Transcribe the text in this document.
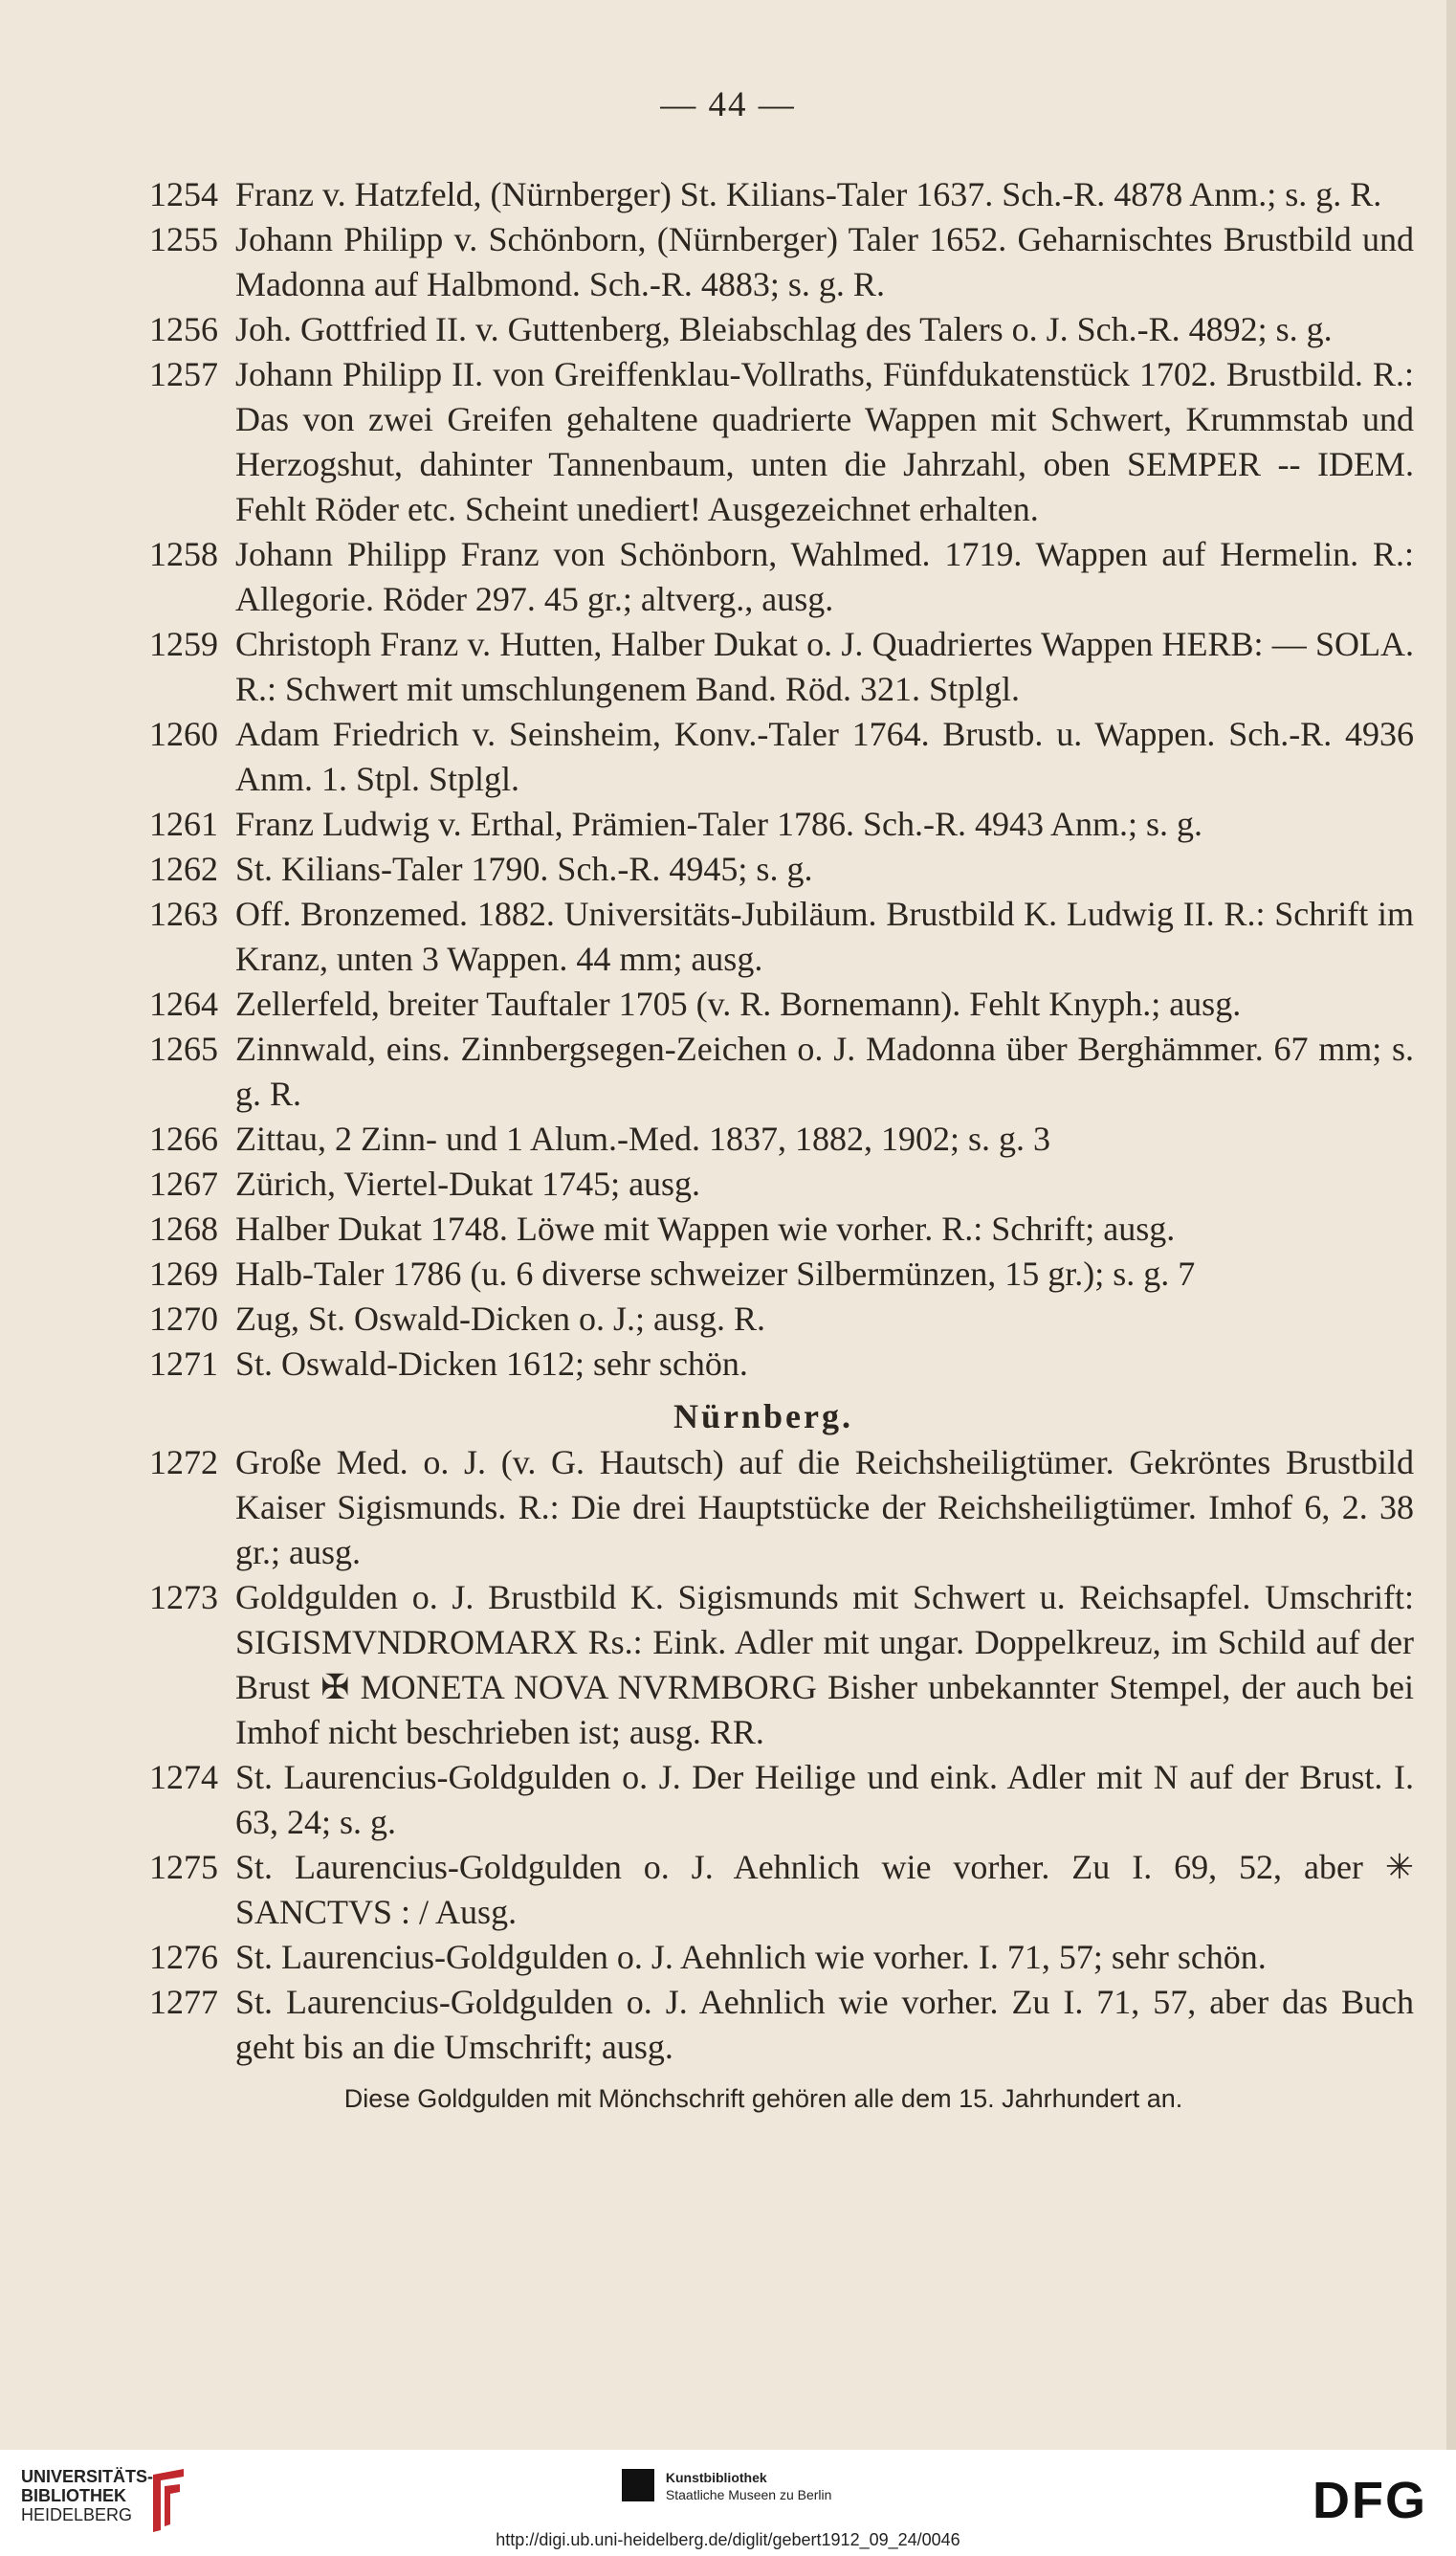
— 44 —
1254 Franz v. Hatzfeld, (Nürnberger) St. Kilians-Taler 1637. Sch.-R. 4878 Anm.; s. g. R.
1255 Johann Philipp v. Schönborn, (Nürnberger) Taler 1652. Geharnischtes Brustbild und Madonna auf Halbmond. Sch.-R. 4883; s. g. R.
1256 Joh. Gottfried II. v. Guttenberg, Bleiabschlag des Talers o. J. Sch.-R. 4892; s. g.
1257 Johann Philipp II. von Greiffenklau-Vollraths, Fünfdukatenstück 1702. Brustbild. R.: Das von zwei Greifen gehaltene quadrierte Wappen mit Schwert, Krummstab und Herzogshut, dahinter Tannenbaum, unten die Jahrzahl, oben SEMPER -- IDEM. Fehlt Röder etc. Scheint unediert! Ausgezeichnet erhalten.
1258 Johann Philipp Franz von Schönborn, Wahlmed. 1719. Wappen auf Hermelin. R.: Allegorie. Röder 297. 45 gr.; altverg., ausg.
1259 Christoph Franz v. Hutten, Halber Dukat o. J. Quadriertes Wappen HERB: — SOLA. R.: Schwert mit umschlungenem Band. Röd. 321. Stplgl.
1260 Adam Friedrich v. Seinsheim, Konv.-Taler 1764. Brustb. u. Wappen. Sch.-R. 4936 Anm. 1. Stpl. Stplgl.
1261 Franz Ludwig v. Erthal, Prämien-Taler 1786. Sch.-R. 4943 Anm.; s. g.
1262 St. Kilians-Taler 1790. Sch.-R. 4945; s. g.
1263 Off. Bronzemed. 1882. Universitäts-Jubiläum. Brustbild K. Ludwig II. R.: Schrift im Kranz, unten 3 Wappen. 44 mm; ausg.
1264 Zellerfeld, breiter Tauftaler 1705 (v. R. Bornemann). Fehlt Knyph.; ausg.
1265 Zinnwald, eins. Zinnbergsegen-Zeichen o. J. Madonna über Berghämmer. 67 mm; s. g. R.
1266 Zittau, 2 Zinn- und 1 Alum.-Med. 1837, 1882, 1902; s. g. 3
1267 Zürich, Viertel-Dukat 1745; ausg.
1268 Halber Dukat 1748. Löwe mit Wappen wie vorher. R.: Schrift; ausg.
1269 Halb-Taler 1786 (u. 6 diverse schweizer Silbermünzen, 15 gr.); s. g. 7
1270 Zug, St. Oswald-Dicken o. J.; ausg. R.
1271 St. Oswald-Dicken 1612; sehr schön.
Nürnberg.
1272 Große Med. o. J. (v. G. Hautsch) auf die Reichsheiligtümer. Gekröntes Brustbild Kaiser Sigismunds. R.: Die drei Hauptstücke der Reichsheiligtümer. Imhof 6, 2. 38 gr.; ausg.
1273 Goldgulden o. J. Brustbild K. Sigismunds mit Schwert u. Reichsapfel. Umschrift: SIGISMVNDROMARX Rs.: Eink. Adler mit ungar. Doppelkreuz, im Schild auf der Brust ✠ MONETA NOVA NVRMBORG Bisher unbekannter Stempel, der auch bei Imhof nicht beschrieben ist; ausg. RR.
1274 St. Laurencius-Goldgulden o. J. Der Heilige und eink. Adler mit N auf der Brust. I. 63, 24; s. g.
1275 St. Laurencius-Goldgulden o. J. Aehnlich wie vorher. Zu I. 69, 52, aber ✳ SANCTVS : / Ausg.
1276 St. Laurencius-Goldgulden o. J. Aehnlich wie vorher. I. 71, 57; sehr schön.
1277 St. Laurencius-Goldgulden o. J. Aehnlich wie vorher. Zu I. 71, 57, aber das Buch geht bis an die Umschrift; ausg.
Diese Goldgulden mit Mönchschrift gehören alle dem 15. Jahrhundert an.
UNIVERSITÄTS-
BIBLIOTHEK
HEIDELBERG

Kunstbibliothek
Staatliche Museen zu Berlin	DFG
http://digi.ub.uni-heidelberg.de/diglit/gebert1912_09_24/0046
